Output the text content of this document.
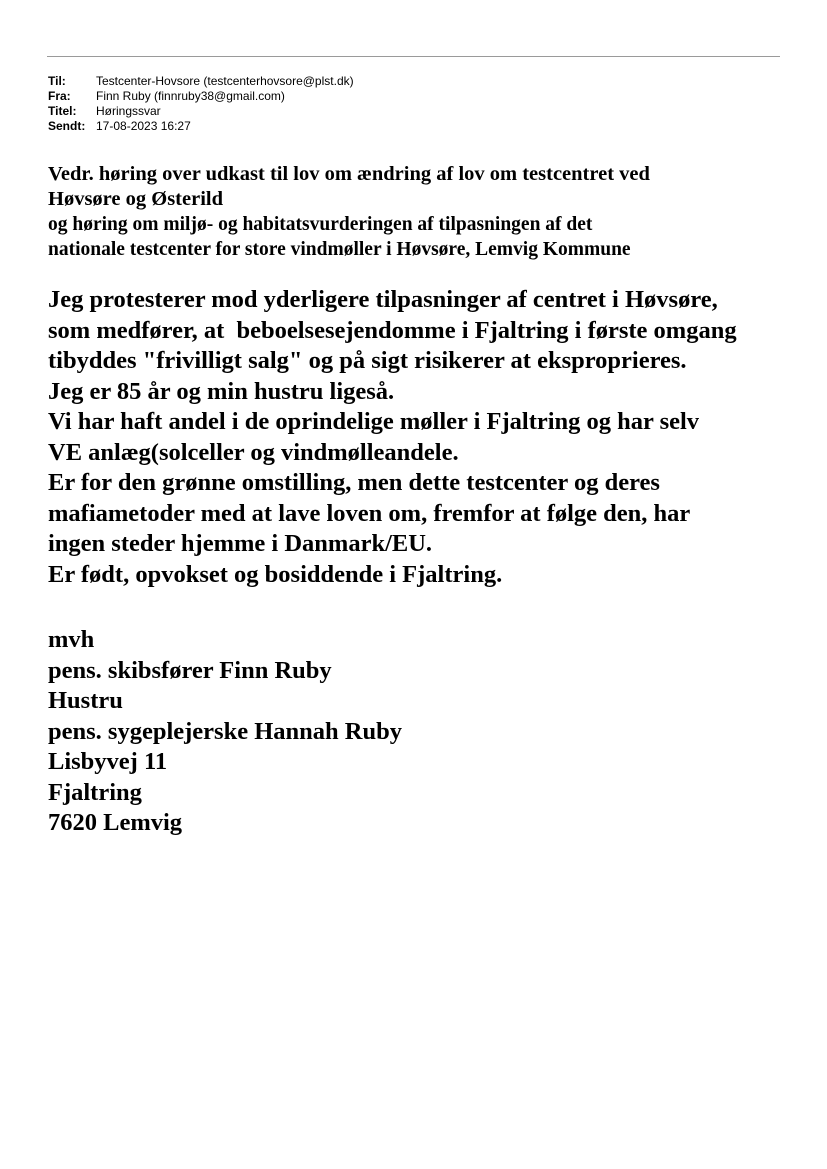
Til:	Testcenter-Hovsore (testcenterhovsore@plst.dk)
Fra:	Finn Ruby (finnruby38@gmail.com)
Titel:	Høringssvar
Sendt: 17-08-2023 16:27
Vedr. høring over udkast til lov om ændring af lov om testcentret ved
Høvsøre og Østerild
og høring om miljø- og habitatsvurderingen af tilpasningen af det
nationale testcenter for store vindmøller i Høvsøre, Lemvig Kommune
Jeg protesterer mod yderligere tilpasninger af centret i Høvsøre,
som medfører, at  beboelsesejendomme i Fjaltring i første omgang
tibyddes "frivilligt salg" og på sigt risikerer at eksproprieres.
Jeg er 85 år og min hustru ligeså.
Vi har haft andel i de oprindelige møller i Fjaltring og har selv
VE anlæg(solceller og vindmølleandele.
Er for den grønne omstilling, men dette testcenter og deres
mafiametoder med at lave loven om, fremfor at følge den, har
ingen steder hjemme i Danmark/EU.
Er født, opvokset og bosiddende i Fjaltring.
mvh
pens. skibsfører Finn Ruby
Hustru
pens. sygeplejerske Hannah Ruby
Lisbyvej 11
Fjaltring
7620 Lemvig
